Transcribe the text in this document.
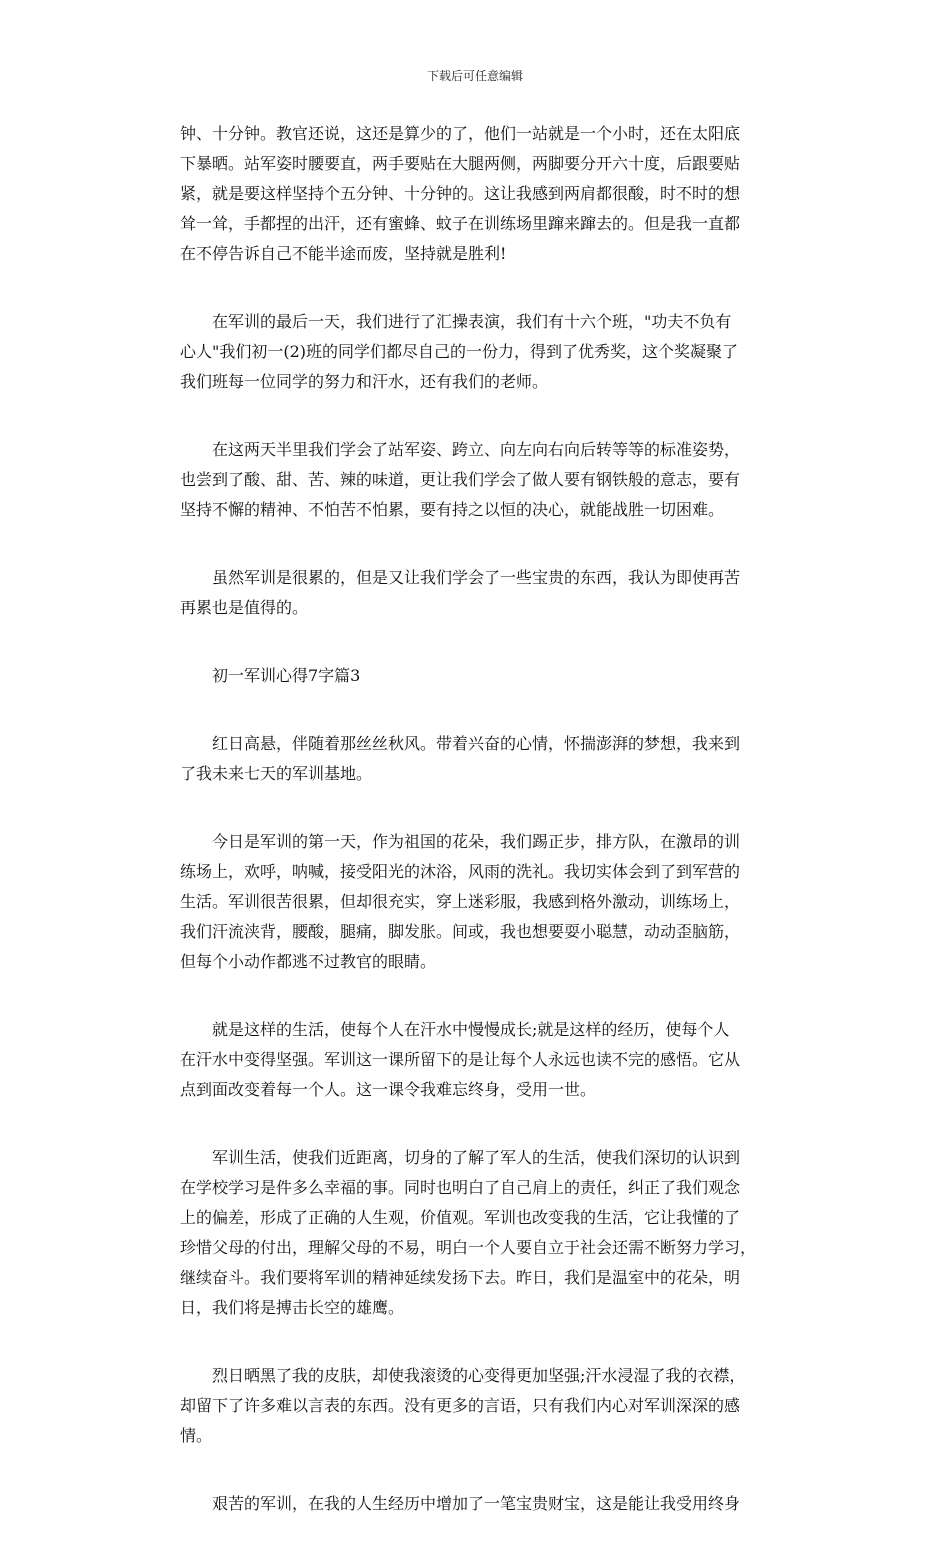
下载后可任意编辑
钟、十分钟。教官还说，这还是算少的了，他们一站就是一个小时，还在太阳底
下暴晒。站军姿时腰要直，两手要贴在大腿两侧，两脚要分开六十度，后跟要贴
紧，就是要这样坚持个五分钟、十分钟的。这让我感到两肩都很酸，时不时的想
耸一耸，手都捏的出汗，还有蜜蜂、蚊子在训练场里蹿来蹿去的。但是我一直都
在不停告诉自己不能半途而废，坚持就是胜利!
在军训的最后一天，我们进行了汇操表演，我们有十六个班，"功夫不负有
心人"我们初一(2)班的同学们都尽自己的一份力，得到了优秀奖，这个奖凝聚了
我们班每一位同学的努力和汗水，还有我们的老师。
在这两天半里我们学会了站军姿、跨立、向左向右向后转等等的标准姿势，
也尝到了酸、甜、苦、辣的味道，更让我们学会了做人要有钢铁般的意志，要有
坚持不懈的精神、不怕苦不怕累，要有持之以恒的决心，就能战胜一切困难。
虽然军训是很累的，但是又让我们学会了一些宝贵的东西，我认为即使再苦
再累也是值得的。
初一军训心得7字篇3
红日高悬，伴随着那丝丝秋风。带着兴奋的心情，怀揣澎湃的梦想，我来到
了我未来七天的军训基地。
今日是军训的第一天，作为祖国的花朵，我们踢正步，排方队，在激昂的训
练场上，欢呼，呐喊，接受阳光的沐浴，风雨的洗礼。我切实体会到了到军营的
生活。军训很苦很累，但却很充实，穿上迷彩服，我感到格外激动，训练场上，
我们汗流浃背，腰酸，腿痛，脚发胀。间或，我也想要耍小聪慧，动动歪脑筋，
但每个小动作都逃不过教官的眼睛。
就是这样的生活，使每个人在汗水中慢慢成长;就是这样的经历，使每个人
在汗水中变得坚强。军训这一课所留下的是让每个人永远也读不完的感悟。它从
点到面改变着每一个人。这一课令我难忘终身，受用一世。
军训生活，使我们近距离，切身的了解了军人的生活，使我们深切的认识到
在学校学习是件多么幸福的事。同时也明白了自己肩上的责任，纠正了我们观念
上的偏差，形成了正确的人生观，价值观。军训也改变我的生活，它让我懂的了
珍惜父母的付出，理解父母的不易，明白一个人要自立于社会还需不断努力学习，
继续奋斗。我们要将军训的精神延续发扬下去。昨日，我们是温室中的花朵，明
日，我们将是搏击长空的雄鹰。
烈日晒黑了我的皮肤，却使我滚烫的心变得更加坚强;汗水浸湿了我的衣襟，
却留下了许多难以言表的东西。没有更多的言语，只有我们内心对军训深深的感
情。
艰苦的军训，在我的人生经历中增加了一笔宝贵财宝，这是能让我受用终身
